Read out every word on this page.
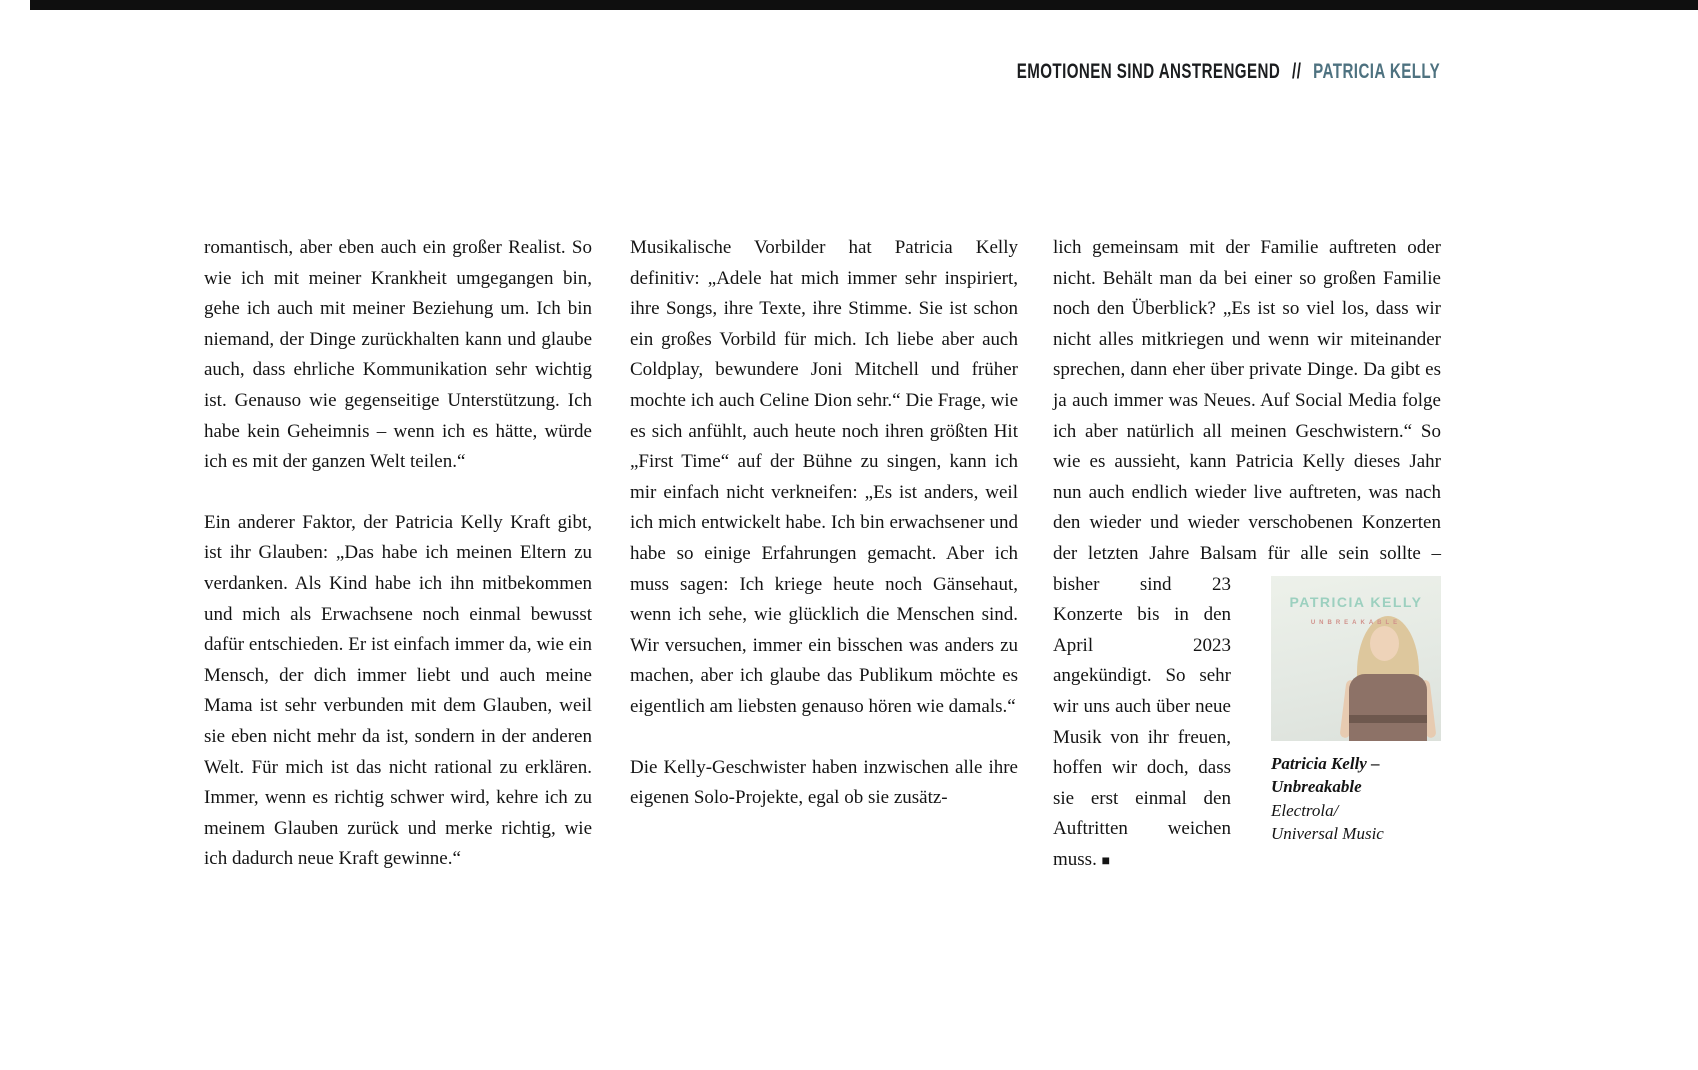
EMOTIONEN SIND ANSTRENGEND // PATRICIA KELLY

romantisch, aber eben auch ein großer Realist. So wie ich mit meiner Krankheit umgegangen bin, gehe ich auch mit meiner Beziehung um. Ich bin niemand, der Dinge zurückhalten kann und glaube auch, dass ehrliche Kommunikation sehr wichtig ist. Genauso wie gegenseitige Unterstützung. Ich habe kein Geheimnis – wenn ich es hätte, würde ich es mit der ganzen Welt teilen.“

Ein anderer Faktor, der Patricia Kelly Kraft gibt, ist ihr Glauben: „Das habe ich meinen Eltern zu verdanken. Als Kind habe ich ihn mitbekommen und mich als Erwachsene noch einmal bewusst dafür entschieden. Er ist einfach immer da, wie ein Mensch, der dich immer liebt und auch meine Mama ist sehr verbunden mit dem Glauben, weil sie eben nicht mehr da ist, sondern in der anderen Welt. Für mich ist das nicht rational zu erklären. Immer, wenn es richtig schwer wird, kehre ich zu meinem Glauben zurück und merke richtig, wie ich dadurch neue Kraft gewinne.“

Musikalische Vorbilder hat Patricia Kelly definitiv: „Adele hat mich immer sehr inspiriert, ihre Songs, ihre Texte, ihre Stimme. Sie ist schon ein großes Vorbild für mich. Ich liebe aber auch Coldplay, bewundere Joni Mitchell und früher mochte ich auch Celine Dion sehr.“ Die Frage, wie es sich anfühlt, auch heute noch ihren größten Hit „First Time“ auf der Bühne zu singen, kann ich mir einfach nicht verkneifen: „Es ist anders, weil ich mich entwickelt habe. Ich bin erwachsener und habe so einige Erfahrungen gemacht. Aber ich muss sagen: Ich kriege heute noch Gänsehaut, wenn ich sehe, wie glücklich die Menschen sind. Wir versuchen, immer ein bisschen was anders zu machen, aber ich glaube das Publikum möchte es eigentlich am liebsten genauso hören wie damals.“

Die Kelly-Geschwister haben inzwischen alle ihre eigenen Solo-Projekte, egal ob sie zusätz-

lich gemeinsam mit der Familie auftreten oder nicht. Behält man da bei einer so großen Familie noch den Überblick? „Es ist so viel los, dass wir nicht alles mitkriegen und wenn wir miteinander sprechen, dann eher über private Dinge. Da gibt es ja auch immer was Neues. Auf Social Media folge ich aber natürlich all meinen Geschwistern.“ So wie es aussieht, kann Patricia Kelly dieses Jahr nun auch endlich wieder live auftreten, was nach den wieder und wieder verschobenen Konzerten der letzten Jahre Balsam für alle sein sollte – bisher
PATRICIA KELLY
UNBREAKABLE
Patricia Kelly – Unbreakable
Electrola/
Universal Music
sind 23 Konzerte bis in den April 2023 angekündigt. So sehr wir uns auch über neue Musik von ihr freuen, hoffen wir doch, dass sie erst einmal den Auftritten weichen muss. ■
